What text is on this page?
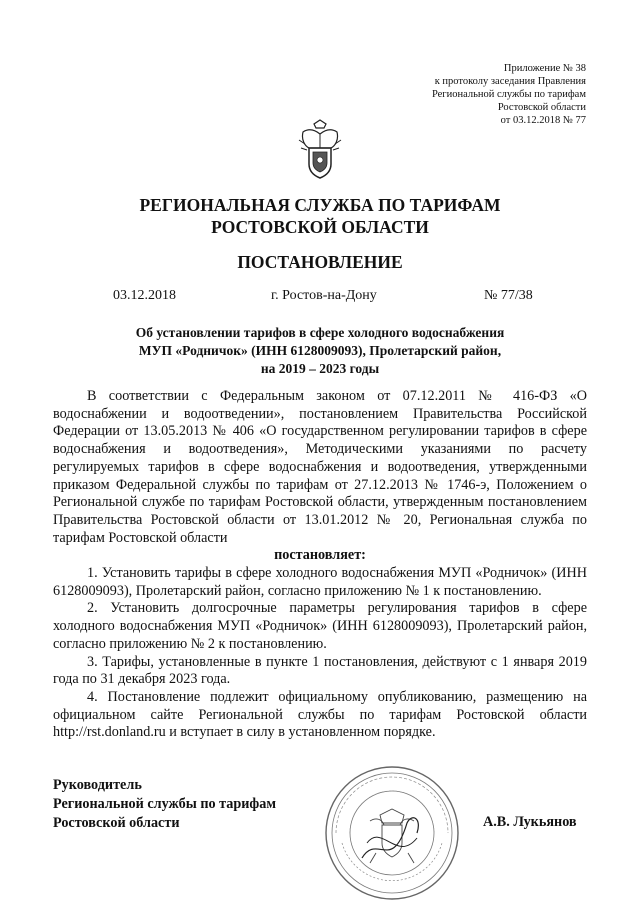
Приложение № 38
к протоколу заседания Правления
Региональной службы по тарифам
Ростовской области
от 03.12.2018 № 77
РЕГИОНАЛЬНАЯ СЛУЖБА ПО ТАРИФАМ
РОСТОВСКОЙ ОБЛАСТИ
ПОСТАНОВЛЕНИЕ
03.12.2018	г. Ростов-на-Дону	№ 77/38
Об установлении тарифов в сфере холодного водоснабжения
МУП «Родничок» (ИНН 6128009093), Пролетарский район,
на 2019 – 2023 годы

В соответствии с Федеральным законом от 07.12.2011 № 416-ФЗ «О водоснабжении и водоотведении», постановлением Правительства Российской Федерации от 13.05.2013 № 406 «О государственном регулировании тарифов в сфере водоснабжения и водоотведения», Методическими указаниями по расчету регулируемых тарифов в сфере водоснабжения и водоотведения, утвержденными приказом Федеральной службы по тарифам от 27.12.2013 № 1746-э, Положением о Региональной службе по тарифам Ростовской области, утвержденным постановлением Правительства Ростовской области от 13.01.2012 № 20, Региональная служба по тарифам Ростовской области

постановляет:

1. Установить тарифы в сфере холодного водоснабжения МУП «Родничок» (ИНН 6128009093), Пролетарский район, согласно приложению № 1 к постановлению.

2. Установить долгосрочные параметры регулирования тарифов в сфере холодного водоснабжения МУП «Родничок» (ИНН 6128009093), Пролетарский район, согласно приложению № 2 к постановлению.

3. Тарифы, установленные в пункте 1 постановления, действуют с 1 января 2019 года по 31 декабря 2023 года.

4. Постановление подлежит официальному опубликованию, размещению на официальном сайте Региональной службы по тарифам Ростовской области http://rst.donland.ru и вступает в силу в установленном порядке.

Руководитель
Региональной службы по тарифам
Ростовской области	А.В. Лукьянов
